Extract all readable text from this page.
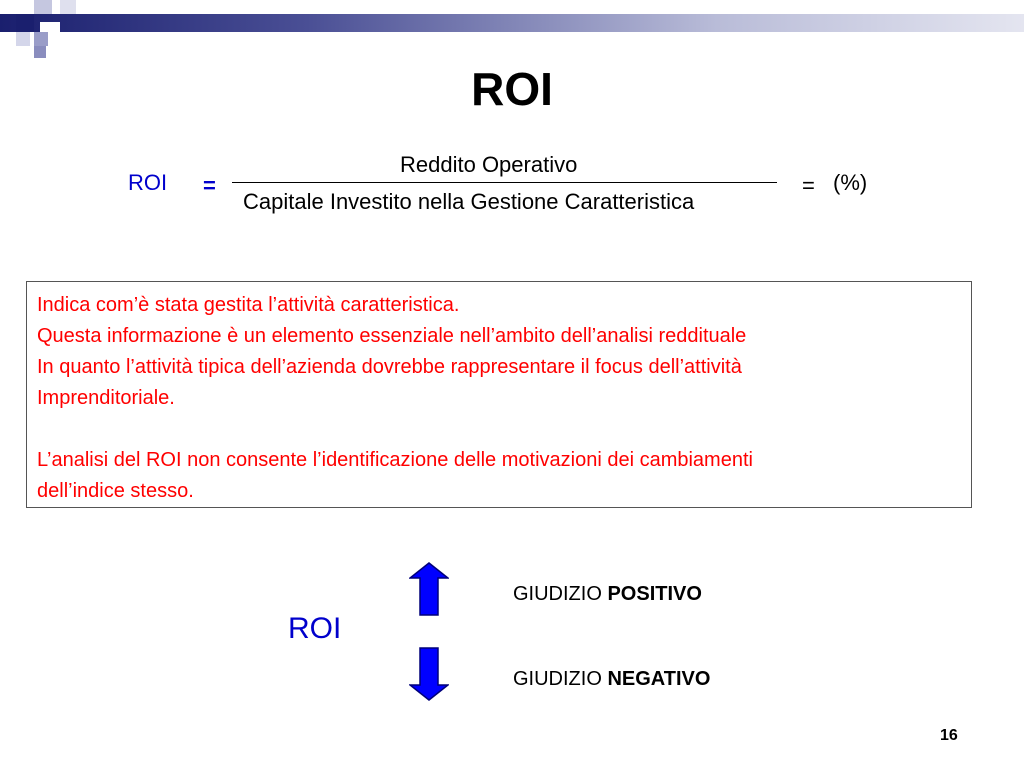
ROI
ROI =
Reddito Operativo
Capitale Investito nella Gestione Caratteristica
= (%)

Indica com’è stata gestita l’attività caratteristica.

Questa informazione è un elemento essenziale nell’ambito dell’analisi reddituale

In quanto l’attività tipica dell’azienda dovrebbe rappresentare il focus dell’attività

Imprenditoriale.

L’analisi del ROI non consente l’identificazione delle motivazioni dei cambiamenti

dell’indice stesso.

ROI
GIUDIZIO POSITIVO
GIUDIZIO NEGATIVO
16
